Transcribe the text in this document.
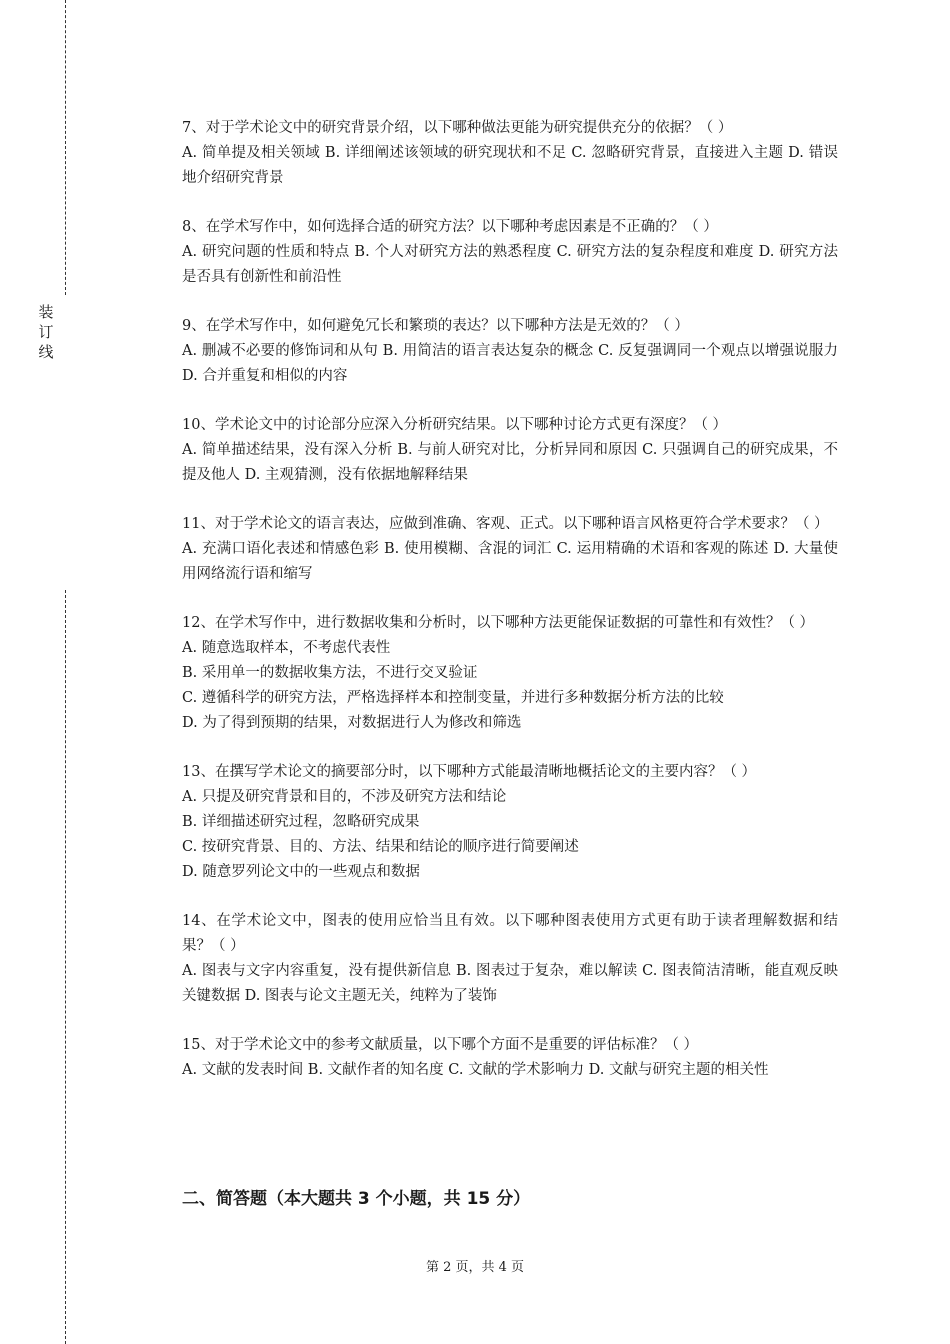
装
订
线
7、对于学术论文中的研究背景介绍，以下哪种做法更能为研究提供充分的依据？（ ）
A. 简单提及相关领域 B. 详细阐述该领域的研究现状和不足 C. 忽略研究背景，直接进入主题 D. 错误地介绍研究背景
8、在学术写作中，如何选择合适的研究方法？以下哪种考虑因素是不正确的？（ ）
A. 研究问题的性质和特点 B. 个人对研究方法的熟悉程度 C. 研究方法的复杂程度和难度 D. 研究方法是否具有创新性和前沿性
9、在学术写作中，如何避免冗长和繁琐的表达？以下哪种方法是无效的？（ ）
A. 删减不必要的修饰词和从句 B. 用简洁的语言表达复杂的概念 C. 反复强调同一个观点以增强说服力 D. 合并重复和相似的内容
10、学术论文中的讨论部分应深入分析研究结果。以下哪种讨论方式更有深度？（ ）
A. 简单描述结果，没有深入分析 B. 与前人研究对比，分析异同和原因 C. 只强调自己的研究成果，不提及他人 D. 主观猜测，没有依据地解释结果
11、对于学术论文的语言表达，应做到准确、客观、正式。以下哪种语言风格更符合学术要求？（ ）
A. 充满口语化表述和情感色彩 B. 使用模糊、含混的词汇 C. 运用精确的术语和客观的陈述 D. 大量使用网络流行语和缩写
12、在学术写作中，进行数据收集和分析时，以下哪种方法更能保证数据的可靠性和有效性？（ ）
A. 随意选取样本，不考虑代表性
B. 采用单一的数据收集方法，不进行交叉验证
C. 遵循科学的研究方法，严格选择样本和控制变量，并进行多种数据分析方法的比较
D. 为了得到预期的结果，对数据进行人为修改和筛选
13、在撰写学术论文的摘要部分时，以下哪种方式能最清晰地概括论文的主要内容？（ ）
A. 只提及研究背景和目的，不涉及研究方法和结论
B. 详细描述研究过程，忽略研究成果
C. 按研究背景、目的、方法、结果和结论的顺序进行简要阐述
D. 随意罗列论文中的一些观点和数据
14、在学术论文中，图表的使用应恰当且有效。以下哪种图表使用方式更有助于读者理解数据和结果？（ ）
A. 图表与文字内容重复，没有提供新信息 B. 图表过于复杂，难以解读 C. 图表简洁清晰，能直观反映关键数据 D. 图表与论文主题无关，纯粹为了装饰
15、对于学术论文中的参考文献质量，以下哪个方面不是重要的评估标准？（ ）
A. 文献的发表时间 B. 文献作者的知名度 C. 文献的学术影响力 D. 文献与研究主题的相关性
二、简答题（本大题共 3 个小题，共 15 分）
第 2 页，共 4 页
